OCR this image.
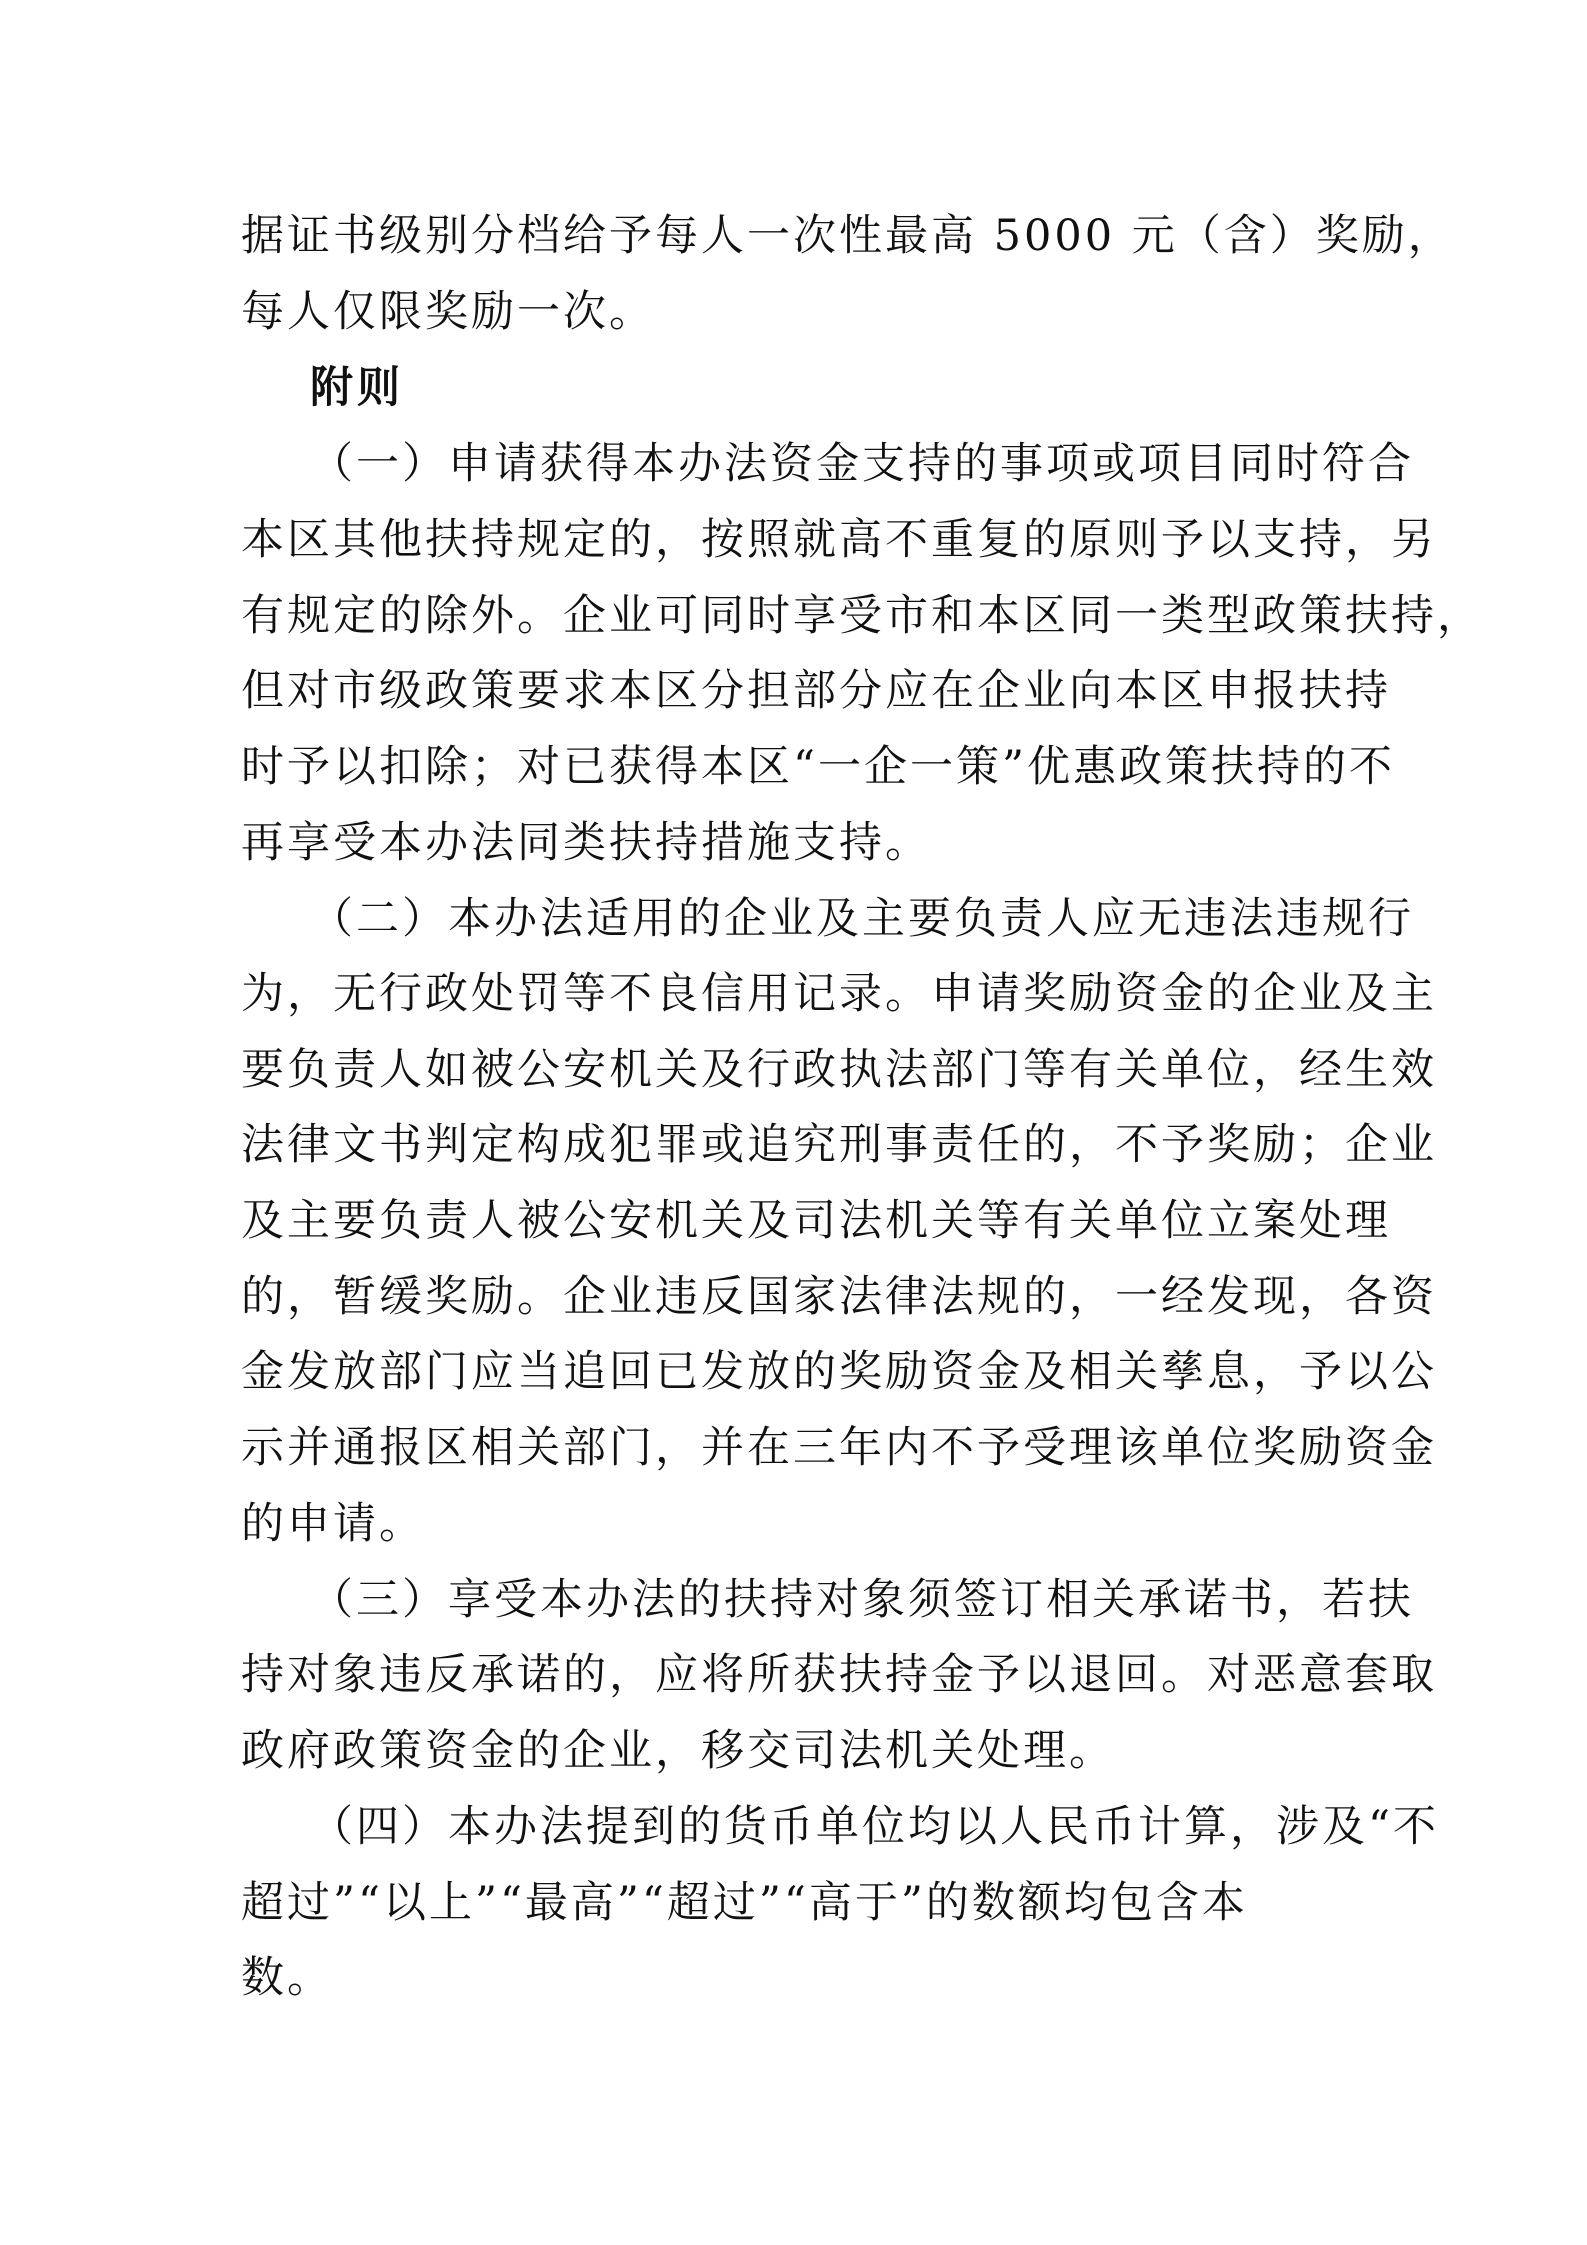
据证书级别分档给予每人一次性最高 5000 元（含）奖励，

每人仅限奖励一次。

附则

（一）申请获得本办法资金支持的事项或项目同时符合

本区其他扶持规定的，按照就高不重复的原则予以支持，另

有规定的除外。企业可同时享受市和本区同一类型政策扶持，

但对市级政策要求本区分担部分应在企业向本区申报扶持

时予以扣除；对已获得本区“一企一策”优惠政策扶持的不

再享受本办法同类扶持措施支持。

（二）本办法适用的企业及主要负责人应无违法违规行

为，无行政处罚等不良信用记录。申请奖励资金的企业及主

要负责人如被公安机关及行政执法部门等有关单位，经生效

法律文书判定构成犯罪或追究刑事责任的，不予奖励；企业

及主要负责人被公安机关及司法机关等有关单位立案处理

的，暂缓奖励。企业违反国家法律法规的，一经发现，各资

金发放部门应当追回已发放的奖励资金及相关孳息，予以公

示并通报区相关部门，并在三年内不予受理该单位奖励资金

的申请。

（三）享受本办法的扶持对象须签订相关承诺书，若扶

持对象违反承诺的，应将所获扶持金予以退回。对恶意套取

政府政策资金的企业，移交司法机关处理。

（四）本办法提到的货币单位均以人民币计算，涉及“不

超过”“以上”“最高”“超过”“高于”的数额均包含本

数。
